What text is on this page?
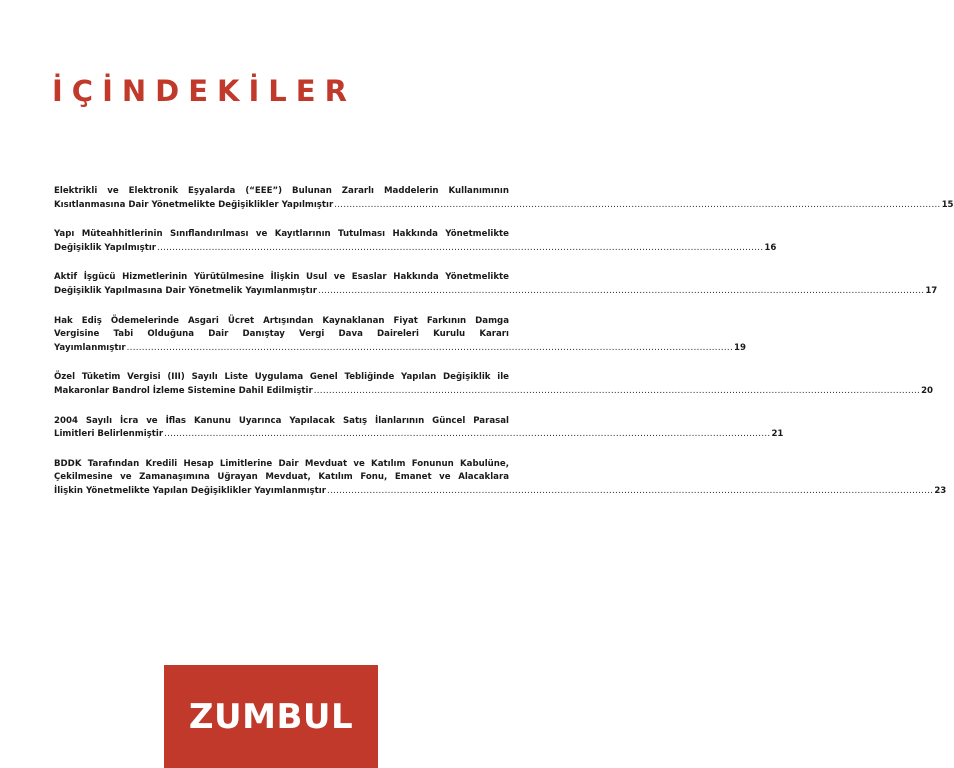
İÇİNDEKİLER
Elektrikli ve Elektronik Eşyalarda (“EEE”) Bulunan Zararlı Maddelerin Kullanımının
Kısıtlanmasına Dair Yönetmelikte Değişiklikler Yapılmıştır ........................................................................................................................................................................................................ 15
Yapı Müteahhitlerinin Sınıflandırılması ve Kayıtlarının Tutulması Hakkında Yönetmelikte
Değişiklik Yapılmıştır ........................................................................................................................................................................................................ 16
Aktif İşgücü Hizmetlerinin Yürütülmesine İlişkin Usul ve Esaslar Hakkında Yönetmelikte
Değişiklik Yapılmasına Dair Yönetmelik Yayımlanmıştır ........................................................................................................................................................................................................ 17
Hak Ediş Ödemelerinde Asgari Ücret Artışından Kaynaklanan Fiyat Farkının Damga
Vergisine Tabi Olduğuna Dair Danıştay Vergi Dava Daireleri Kurulu Kararı
Yayımlanmıştır ........................................................................................................................................................................................................ 19
Özel Tüketim Vergisi (III) Sayılı Liste Uygulama Genel Tebliğinde Yapılan Değişiklik ile
Makaronlar Bandrol İzleme Sistemine Dahil Edilmiştir ........................................................................................................................................................................................................ 20
2004 Sayılı İcra ve İflas Kanunu Uyarınca Yapılacak Satış İlanlarının Güncel Parasal
Limitleri Belirlenmiştir ........................................................................................................................................................................................................ 21
BDDK Tarafından Kredili Hesap Limitlerine Dair Mevduat ve Katılım Fonunun Kabulüne,
Çekilmesine ve Zamanaşımına Uğrayan Mevduat, Katılım Fonu, Emanet ve Alacaklara
İlişkin Yönetmelikte Yapılan Değişiklikler Yayımlanmıştır ........................................................................................................................................................................................................ 23
ZUMBUL
